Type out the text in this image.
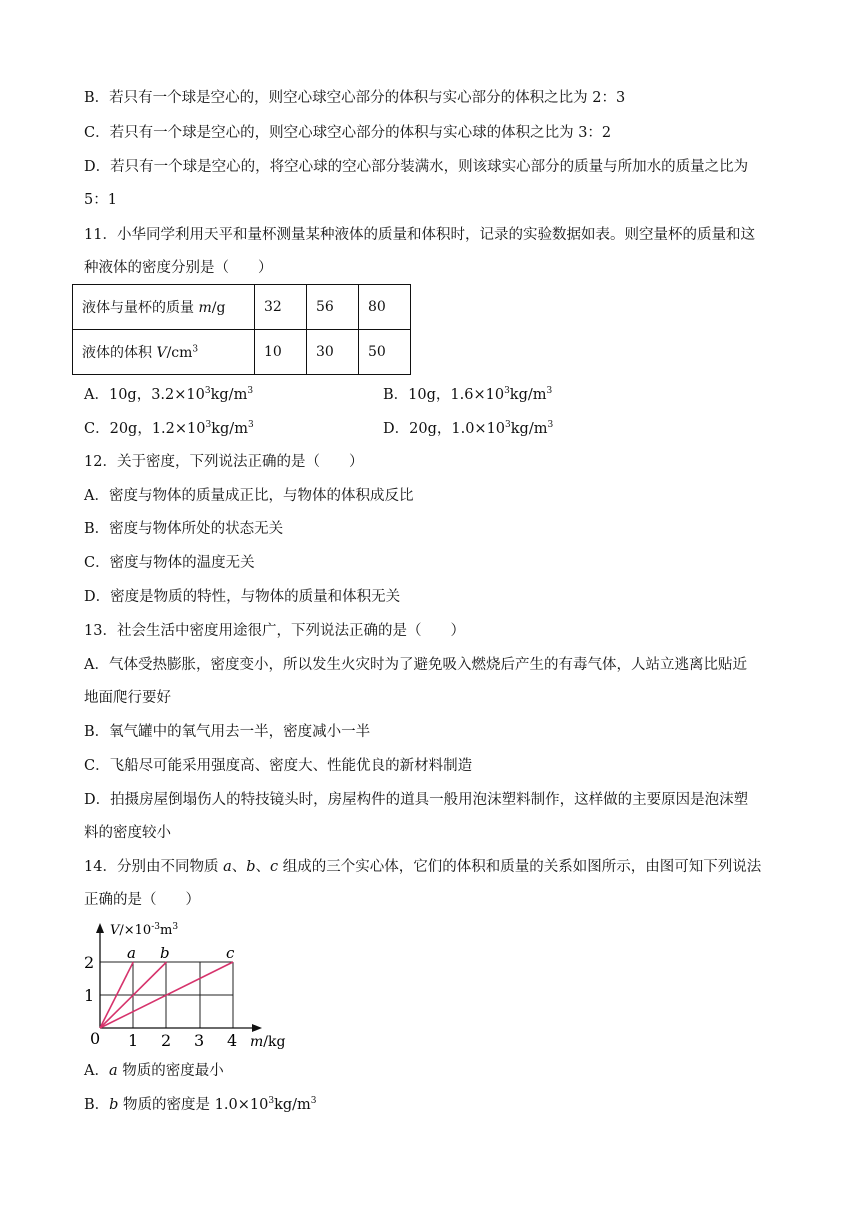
B．若只有一个球是空心的，则空心球空心部分的体积与实心部分的体积之比为 2：3
C．若只有一个球是空心的，则空心球空心部分的体积与实心球的体积之比为 3：2
D．若只有一个球是空心的，将空心球的空心部分装满水，则该球实心部分的质量与所加水的质量之比为
5：1
11．小华同学利用天平和量杯测量某种液体的质量和体积时，记录的实验数据如表。则空量杯的质量和这
种液体的密度分别是（　　）
液体与量杯的质量 m/g	32	56	80
液体的体积 $V/cm^3$	10	30	50
A．10g，$3.2\times 10^3kg/m^3$	B．10g，$1.6\times 10^3kg/m^3$
C．20g，$1.2\times 10^3kg/m^3$	D．20g，$1.0\times 10^3kg/m^3$
12．关于密度，下列说法正确的是（　　）
A．密度与物体的质量成正比，与物体的体积成反比
B．密度与物体所处的状态无关
C．密度与物体的温度无关
D．密度是物质的特性，与物体的质量和体积无关
13．社会生活中密度用途很广，下列说法正确的是（　　）
A．气体受热膨胀，密度变小，所以发生火灾时为了避免吸入燃烧后产生的有毒气体，人站立逃离比贴近
地面爬行要好
B．氧气罐中的氧气用去一半，密度减小一半
C．飞船尽可能采用强度高、密度大、性能优良的新材料制造
D．拍摄房屋倒塌伤人的特技镜头时，房屋构件的道具一般用泡沫塑料制作，这样做的主要原因是泡沫塑
料的密度较小
14．分别由不同物质 a、b、c 组成的三个实心体，它们的体积和质量的关系如图所示，由图可知下列说法
正确的是（　　）
0 1 2 3 4
1
2 a b	c
$V/\times 10^{-3}m^3$
m/kg
A．a 物质的密度最小
B．b 物质的密度是 $1.0\times 10^3kg/m^3$
